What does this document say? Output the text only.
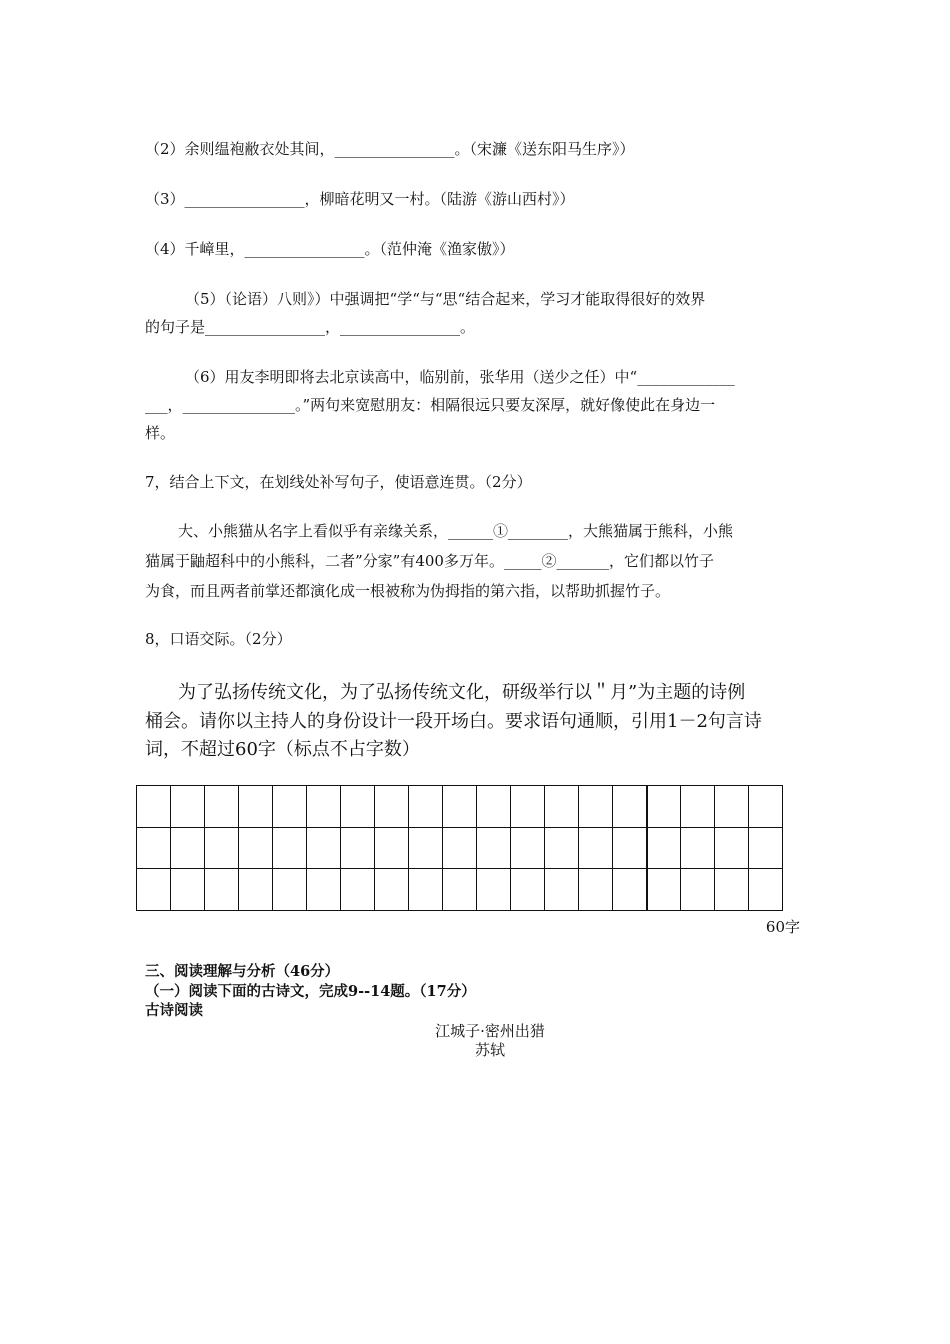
（2）余则缊袍敝衣处其间，________________。（宋濂《送东阳马生序》）
（3）________________，柳暗花明又一村。（陆游《游山西村》）
（4）千嶂里，________________。（范仲淹《渔家傲》）
（5）（论语）八则》）中强调把“学“与“思“结合起来，学习才能取得很好的效界
的句子是________________，________________。
（6）用友李明即将去北京读高中，临别前，张华用（送少之任）中“_____________
___，_______________。”两句来宽慰朋友：相隔很远只要友深厚，就好像使此在身边一
样。
7，结合上下文，在划线处补写句子，使语意连贯。（2分）
大、小熊猫从名字上看似乎有亲缘关系，______①________，大熊猫属于熊科，小熊
猫属于鼬超科中的小熊科，二者”分家”有400多万年。_____②_______，它们都以竹子
为食，而且两者前掌还都演化成一根被称为伪拇指的第六指，以帮助抓握竹子。
8，口语交际。（2分）
为了弘扬传统文化，为了弘扬传统文化，研级举行以＂月”为主题的诗例
桶会。请你以主持人的身份设计一段开场白。要求语句通顺，引用1－2句言诗
词，不超过60字（标点不占字数）

60字
三、阅读理解与分析（46分）
（一）阅读下面的古诗文，完成9--14题。（17分）
古诗阅读
江城子·密州出猎
苏轼
